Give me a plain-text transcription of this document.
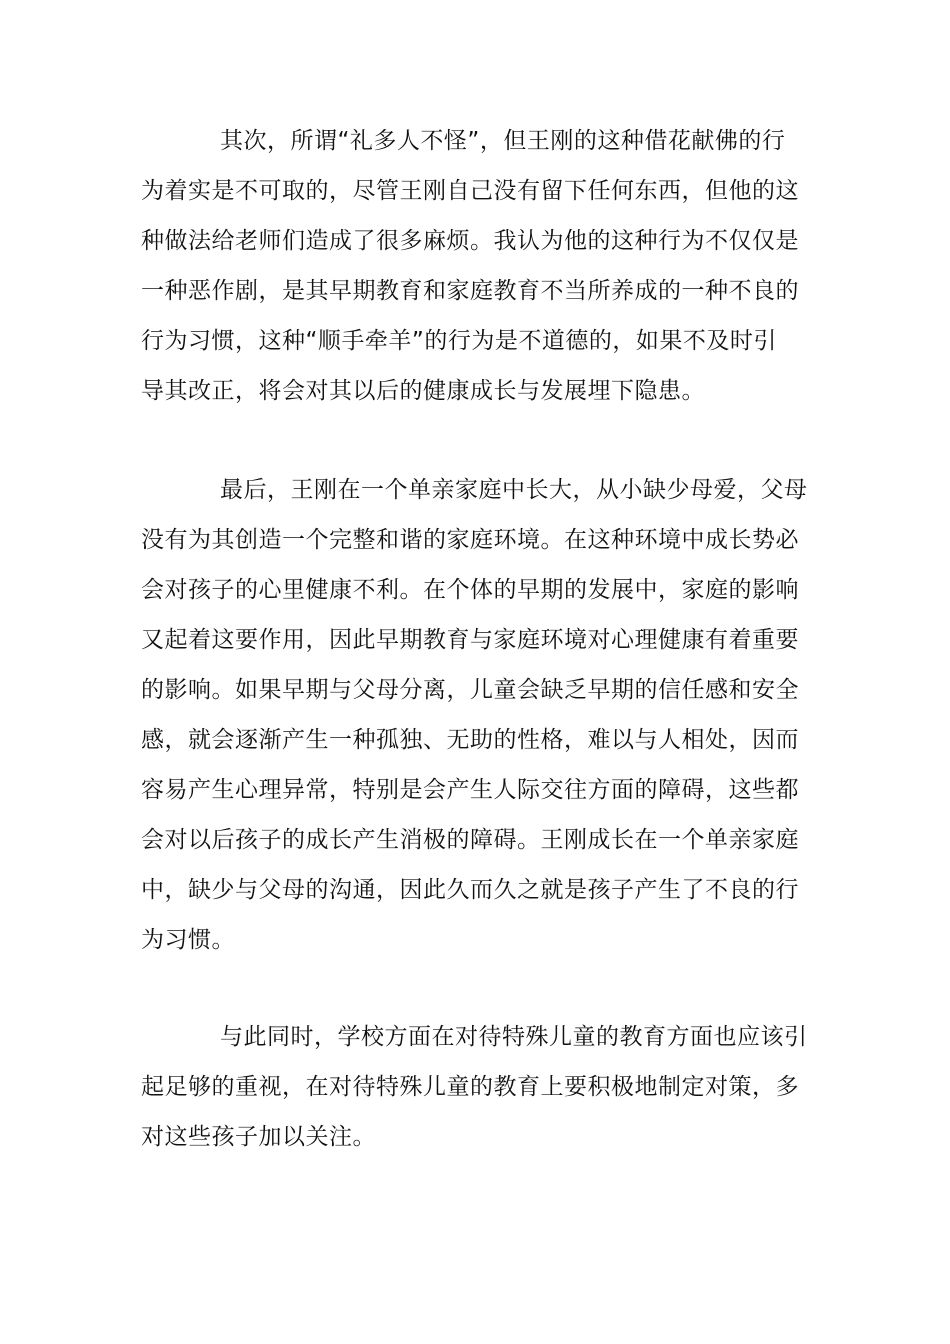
其次，所谓“礼多人不怪”，但王刚的这种借花献佛的行
为着实是不可取的，尽管王刚自己没有留下任何东西，但他的这
种做法给老师们造成了很多麻烦。我认为他的这种行为不仅仅是
一种恶作剧，是其早期教育和家庭教育不当所养成的一种不良的
行为习惯，这种“顺手牵羊”的行为是不道德的，如果不及时引
导其改正，将会对其以后的健康成长与发展埋下隐患。
最后，王刚在一个单亲家庭中长大，从小缺少母爱，父母
没有为其创造一个完整和谐的家庭环境。在这种环境中成长势必
会对孩子的心里健康不利。在个体的早期的发展中，家庭的影响
又起着这要作用，因此早期教育与家庭环境对心理健康有着重要
的影响。如果早期与父母分离，儿童会缺乏早期的信任感和安全
感，就会逐渐产生一种孤独、无助的性格，难以与人相处，因而
容易产生心理异常，特别是会产生人际交往方面的障碍，这些都
会对以后孩子的成长产生消极的障碍。王刚成长在一个单亲家庭
中，缺少与父母的沟通，因此久而久之就是孩子产生了不良的行
为习惯。
与此同时，学校方面在对待特殊儿童的教育方面也应该引
起足够的重视，在对待特殊儿童的教育上要积极地制定对策，多
对这些孩子加以关注。
